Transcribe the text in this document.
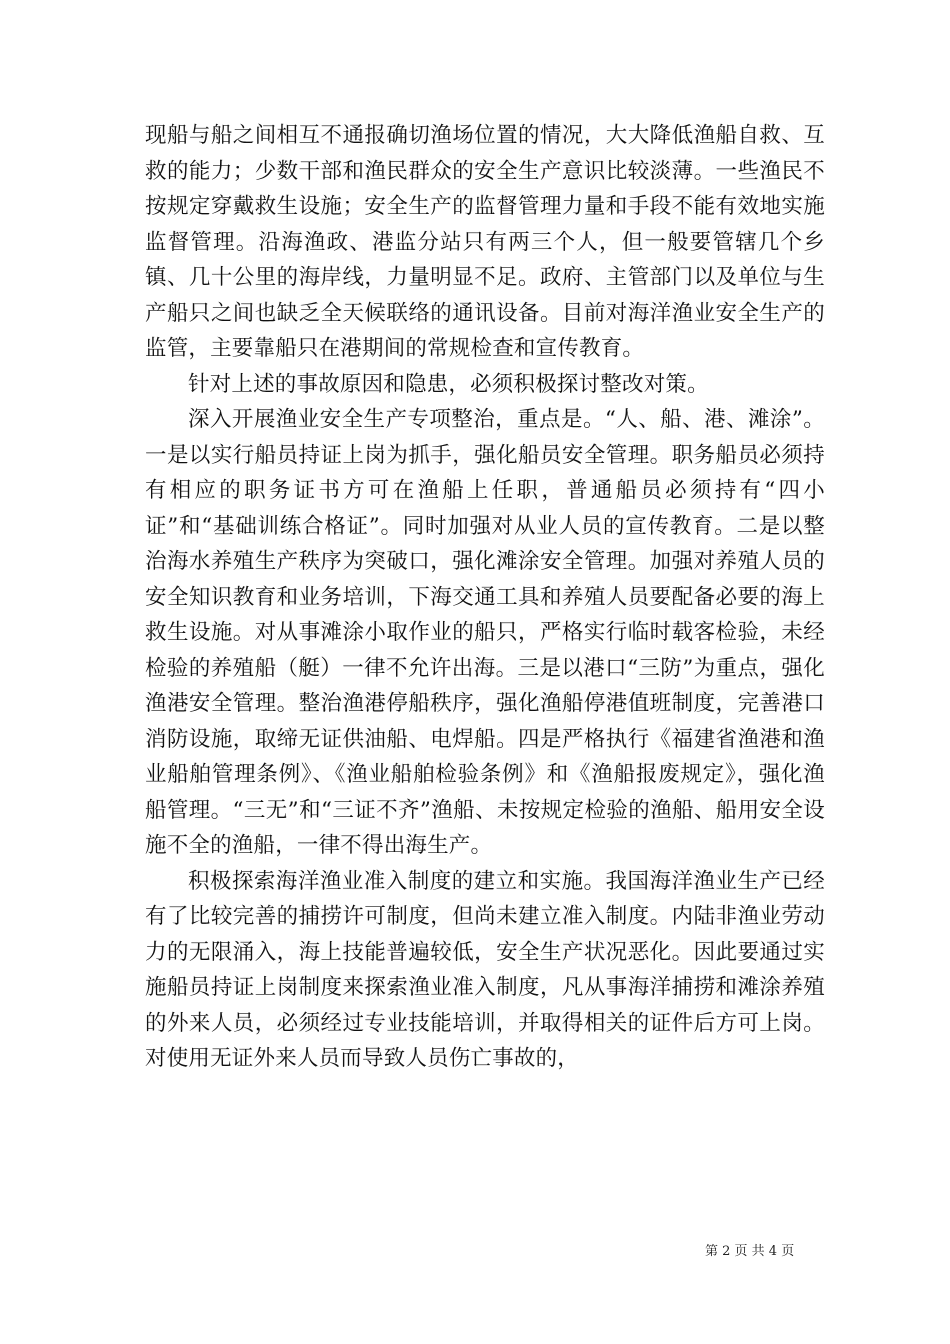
现船与船之间相互不通报确切渔场位置的情况，大大降低渔船自救、互救的能力；少数干部和渔民群众的安全生产意识比较淡薄。一些渔民不按规定穿戴救生设施；安全生产的监督管理力量和手段不能有效地实施监督管理。沿海渔政、港监分站只有两三个人，但一般要管辖几个乡镇、几十公里的海岸线，力量明显不足。政府、主管部门以及单位与生产船只之间也缺乏全天候联络的通讯设备。目前对海洋渔业安全生产的监管，主要靠船只在港期间的常规检查和宣传教育。

针对上述的事故原因和隐患，必须积极探讨整改对策。

深入开展渔业安全生产专项整治，重点是。“人、船、港、滩涂”。一是以实行船员持证上岗为抓手，强化船员安全管理。职务船员必须持有相应的职务证书方可在渔船上任职，普通船员必须持有“四小证”和“基础训练合格证”。同时加强对从业人员的宣传教育。二是以整治海水养殖生产秩序为突破口，强化滩涂安全管理。加强对养殖人员的安全知识教育和业务培训，下海交通工具和养殖人员要配备必要的海上救生设施。对从事滩涂小取作业的船只，严格实行临时载客检验，未经检验的养殖船（艇）一律不允许出海。三是以港口“三防”为重点，强化渔港安全管理。整治渔港停船秩序，强化渔船停港值班制度，完善港口消防设施，取缔无证供油船、电焊船。四是严格执行《福建省渔港和渔业船舶管理条例》、《渔业船舶检验条例》和《渔船报废规定》，强化渔船管理。“三无”和“三证不齐”渔船、未按规定检验的渔船、船用安全设施不全的渔船，一律不得出海生产。

积极探索海洋渔业准入制度的建立和实施。我国海洋渔业生产已经有了比较完善的捕捞许可制度，但尚未建立准入制度。内陆非渔业劳动力的无限涌入，海上技能普遍较低，安全生产状况恶化。因此要通过实施船员持证上岗制度来探索渔业准入制度，凡从事海洋捕捞和滩涂养殖的外来人员，必须经过专业技能培训，并取得相关的证件后方可上岗。对使用无证外来人员而导致人员伤亡事故的，

第 2 页 共 4 页
